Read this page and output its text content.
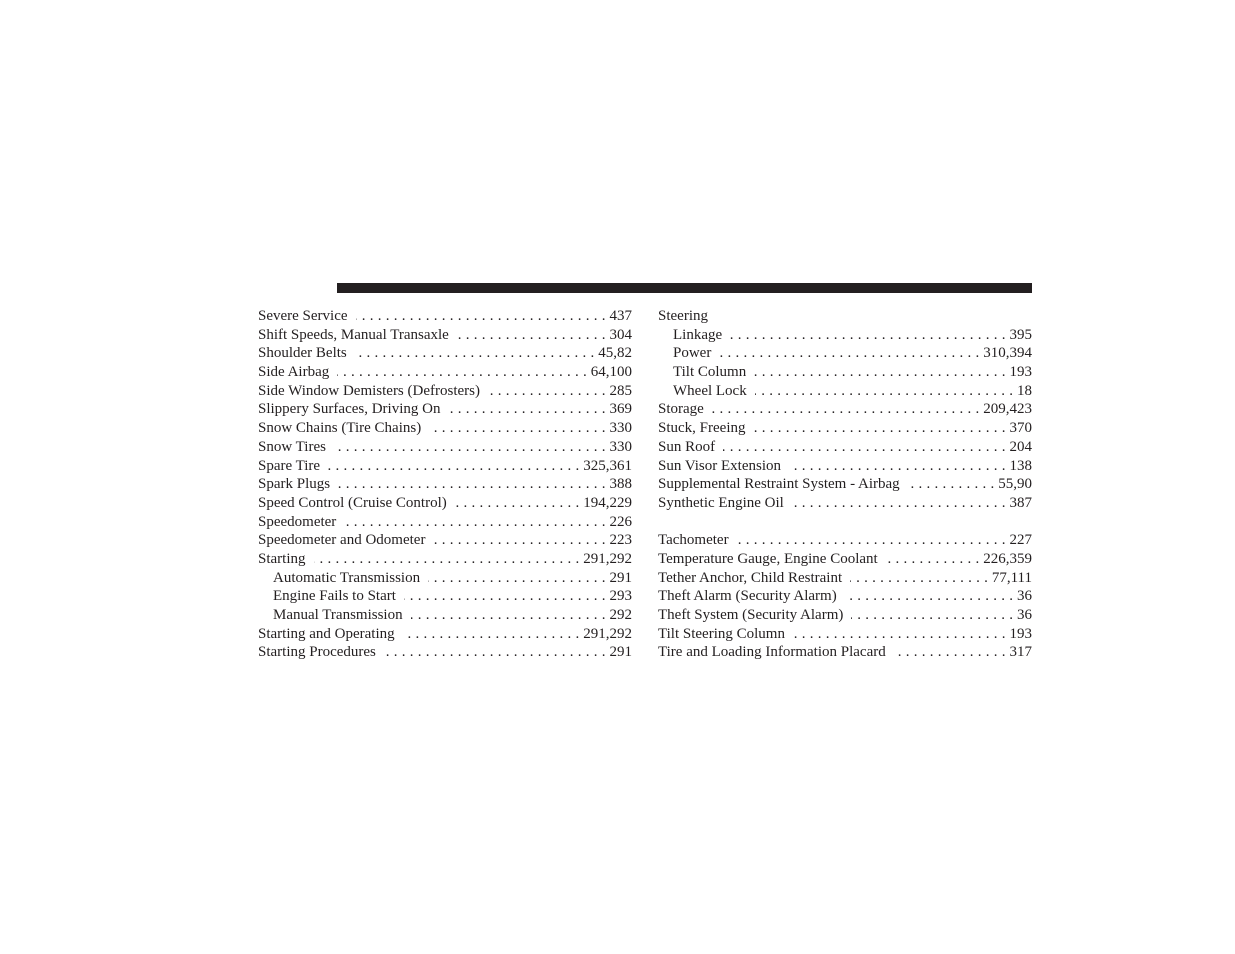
Severe Service . . .	437
Shift Speeds, Manual Transaxle . . .	304
Shoulder Belts . . .	45,82
Side Airbag . . .	64,100
Side Window Demisters (Defrosters) . . .	285
Slippery Surfaces, Driving On . . .	369
Snow Chains (Tire Chains) . . .	330
Snow Tires . . .	330
Spare Tire . . .	325,361
Spark Plugs . . .	388
Speed Control (Cruise Control) . . .	194,229
Speedometer . . .	226
Speedometer and Odometer . . .	223
Starting . . .	291,292
Automatic Transmission . . .	291
Engine Fails to Start . . .	293
Manual Transmission . . .	292
Starting and Operating . . .	291,292
Starting Procedures . . .	291
Steering
Linkage . . .	395
Power . . .	310,394
Tilt Column . . .	193
Wheel Lock . . .	18
Storage . . .	209,423
Stuck, Freeing . . .	370
Sun Roof . . .	204
Sun Visor Extension . . .	138
Supplemental Restraint System - Airbag . . .	55,90
Synthetic Engine Oil . . .	387
Tachometer . . .	227
Temperature Gauge, Engine Coolant . . .	226,359
Tether Anchor, Child Restraint . . .	77,111
Theft Alarm (Security Alarm) . . .	36
Theft System (Security Alarm) . . .	36
Tilt Steering Column . . .	193
Tire and Loading Information Placard . . .	317
